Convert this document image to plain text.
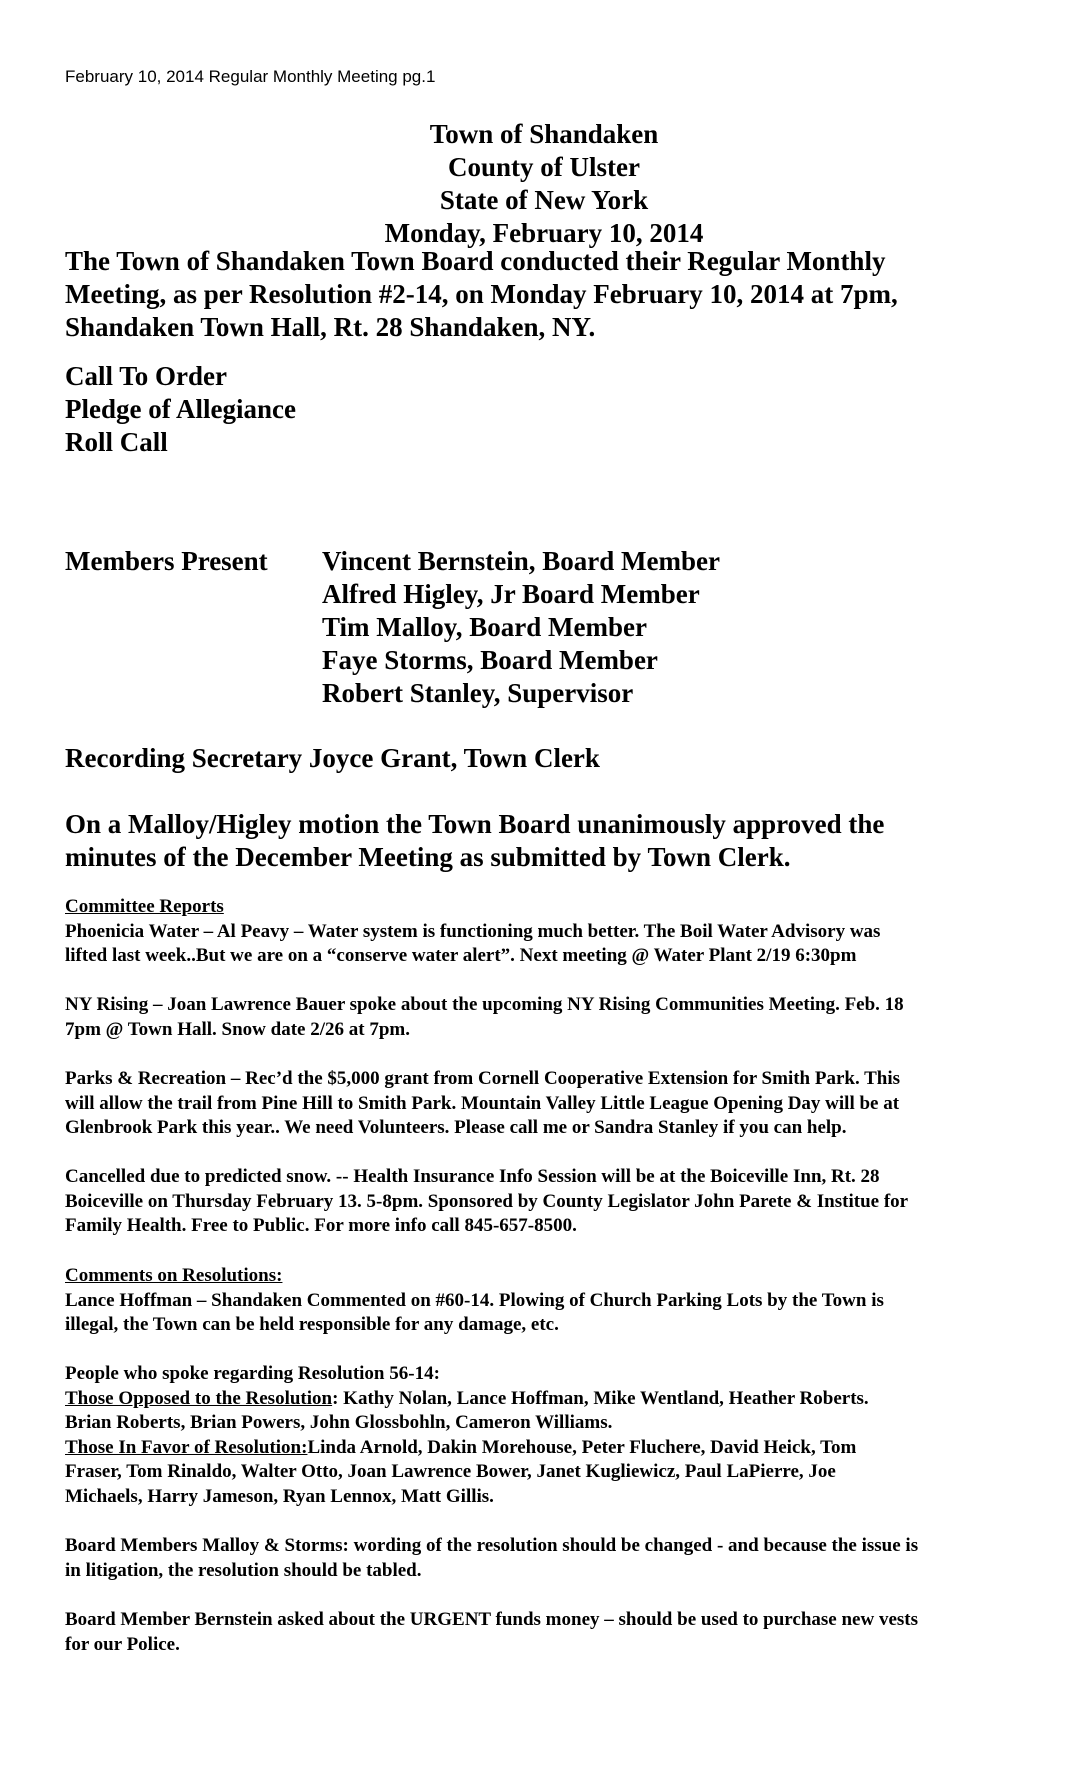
February 10, 2014 Regular Monthly Meeting pg.1
Town of Shandaken
County of Ulster
State of New York
Monday, February 10, 2014
The Town of Shandaken Town Board conducted their Regular Monthly
Meeting, as per Resolution #2-14, on Monday February 10, 2014 at 7pm,
Shandaken Town Hall, Rt. 28 Shandaken, NY.
Call To Order
Pledge of Allegiance
Roll Call
Members Present Vincent Bernstein, Board Member
Alfred Higley, Jr Board Member
Tim Malloy, Board Member
Faye Storms, Board Member
Robert Stanley, Supervisor
Recording Secretary Joyce Grant, Town Clerk
On a Malloy/Higley motion the Town Board unanimously approved the
minutes of the December Meeting as submitted by Town Clerk.
Committee Reports
Phoenicia Water – Al Peavy – Water system is functioning much better. The Boil Water Advisory was
lifted last week..But we are on a “conserve water alert”. Next meeting @ Water Plant 2/19 6:30pm
NY Rising – Joan Lawrence Bauer spoke about the upcoming NY Rising Communities Meeting. Feb. 18
7pm @ Town Hall. Snow date 2/26 at 7pm.
Parks & Recreation – Rec’d the $5,000 grant from Cornell Cooperative Extension for Smith Park. This
will allow the trail from Pine Hill to Smith Park. Mountain Valley Little League Opening Day will be at
Glenbrook Park this year.. We need Volunteers. Please call me or Sandra Stanley if you can help.
Cancelled due to predicted snow. -- Health Insurance Info Session will be at the Boiceville Inn, Rt. 28
Boiceville on Thursday February 13. 5-8pm. Sponsored by County Legislator John Parete & Institue for
Family Health. Free to Public. For more info call 845-657-8500.
Comments on Resolutions:
Lance Hoffman – Shandaken Commented on #60-14. Plowing of Church Parking Lots by the Town is
illegal, the Town can be held responsible for any damage, etc.
People who spoke regarding Resolution 56-14:
Those Opposed to the Resolution: Kathy Nolan, Lance Hoffman, Mike Wentland, Heather Roberts.
Brian Roberts, Brian Powers, John Glossbohln, Cameron Williams.
Those In Favor of Resolution:Linda Arnold, Dakin Morehouse, Peter Fluchere, David Heick, Tom
Fraser, Tom Rinaldo, Walter Otto, Joan Lawrence Bower, Janet Kugliewicz, Paul LaPierre, Joe
Michaels, Harry Jameson, Ryan Lennox, Matt Gillis.
Board Members Malloy & Storms: wording of the resolution should be changed - and because the issue is
in litigation, the resolution should be tabled.
Board Member Bernstein asked about the URGENT funds money – should be used to purchase new vests
for our Police.
